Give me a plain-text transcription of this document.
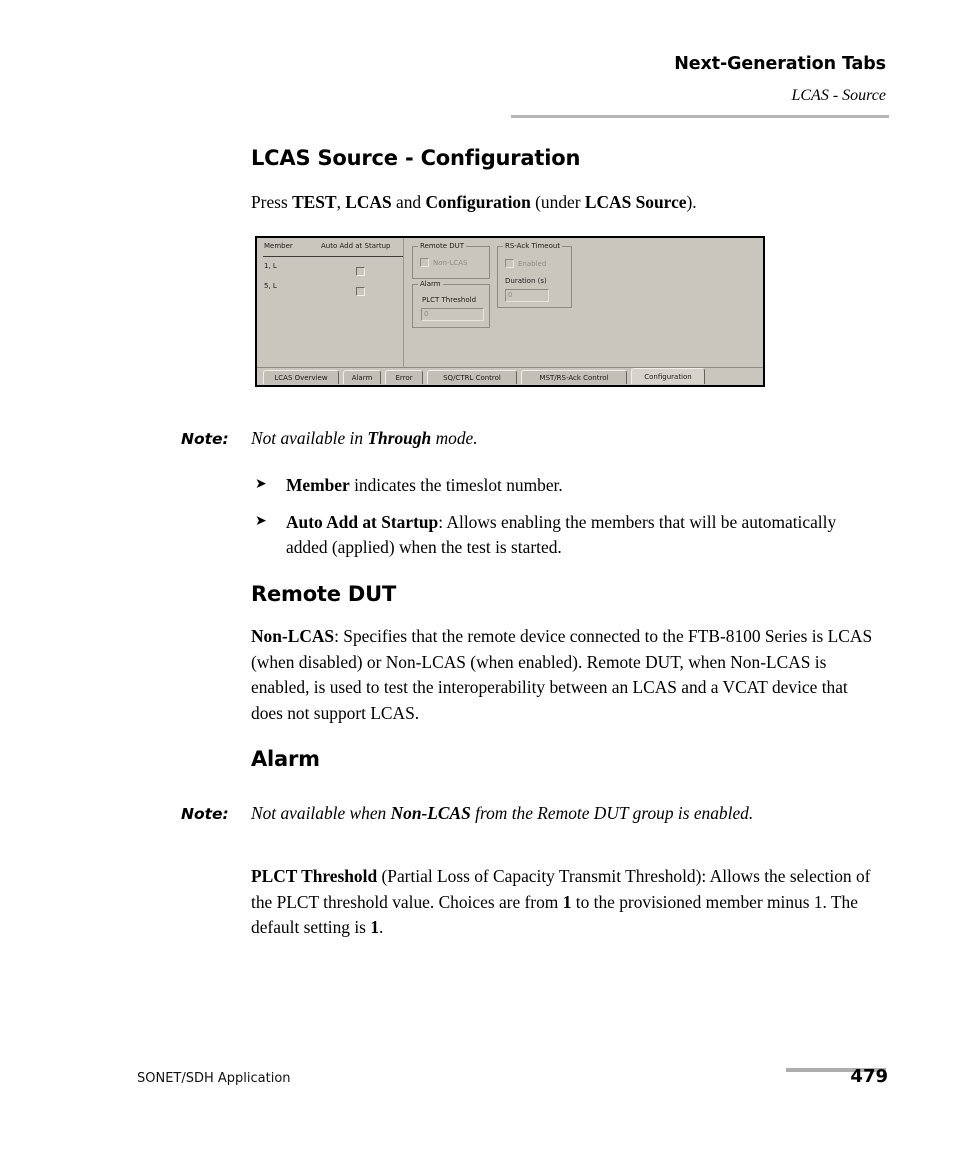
Next-Generation Tabs
LCAS - Source
LCAS Source - Configuration

Press TEST, LCAS and Configuration (under LCAS Source).

Member	Auto Add at Startup
1, L
5, L
Remote DUT
Non-LCAS
Alarm
PLCT Threshold
0
RS-Ack Timeout
Enabled
Duration (s)
0
LCAS Overview	Alarm	Error	SQ/CTRL Control	MST/RS-Ack Control	Configuration
Note: Not available in Through mode.
➤ Member indicates the timeslot number.
➤ Auto Add at Startup: Allows enabling the members that will be automatically added (applied) when the test is started.
Remote DUT

Non-LCAS: Specifies that the remote device connected to the FTB-8100 Series is LCAS (when disabled) or Non-LCAS (when enabled). Remote DUT, when Non-LCAS is enabled, is used to test the interoperability between an LCAS and a VCAT device that does not support LCAS.

Alarm
Note: Not available when Non-LCAS from the Remote DUT group is enabled.

PLCT Threshold (Partial Loss of Capacity Transmit Threshold): Allows the selection of the PLCT threshold value. Choices are from 1 to the provisioned member minus 1. The default setting is 1.

SONET/SDH Application	479
